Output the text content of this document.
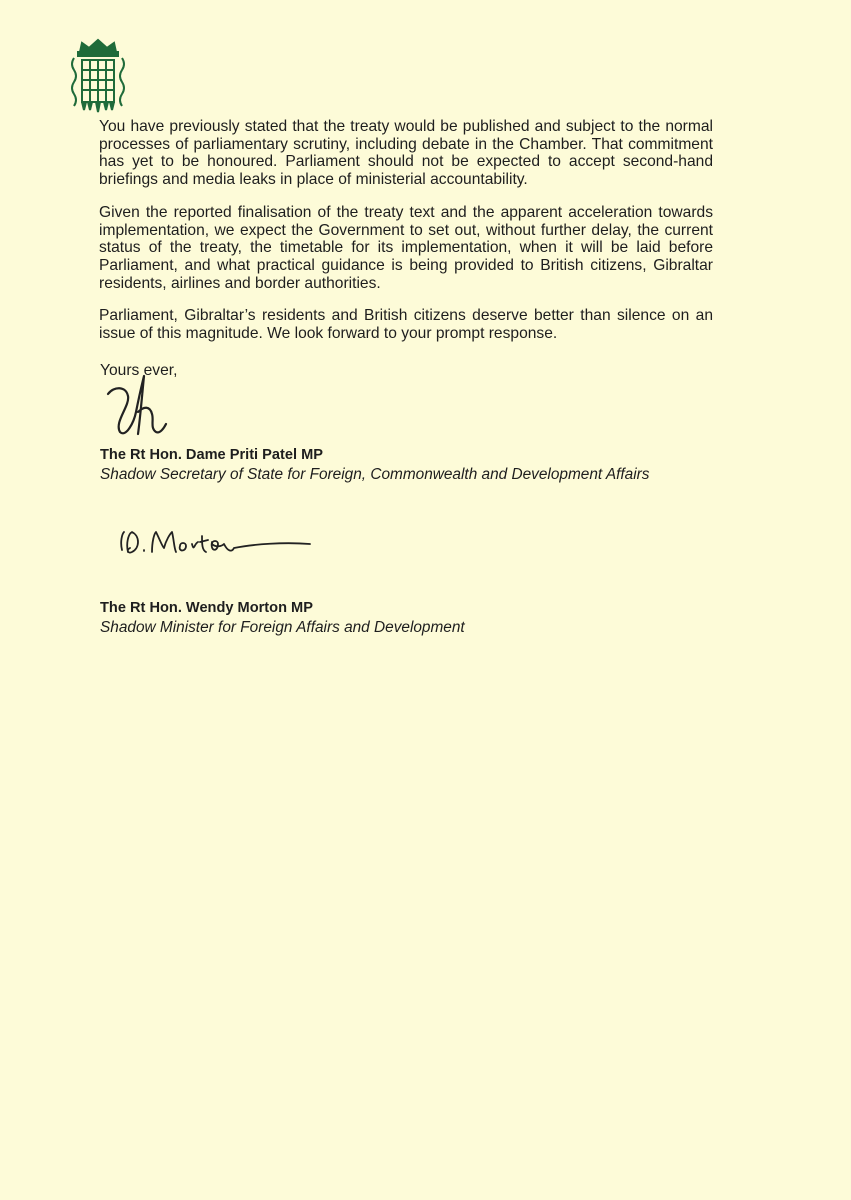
You have previously stated that the treaty would be published and subject to the normal processes of parliamentary scrutiny, including debate in the Chamber. That commitment has yet to be honoured. Parliament should not be expected to accept second-hand briefings and media leaks in place of ministerial accountability.

Given the reported finalisation of the treaty text and the apparent acceleration towards implementation, we expect the Government to set out, without further delay, the current status of the treaty, the timetable for its implementation, when it will be laid before Parliament, and what practical guidance is being provided to British citizens, Gibraltar residents, airlines and border authorities.

Parliament, Gibraltar’s residents and British citizens deserve better than silence on an issue of this magnitude. We look forward to your prompt response.

Yours ever,

The Rt Hon. Dame Priti Patel MP

Shadow Secretary of State for Foreign, Commonwealth and Development Affairs

The Rt Hon. Wendy Morton MP

Shadow Minister for Foreign Affairs and Development
